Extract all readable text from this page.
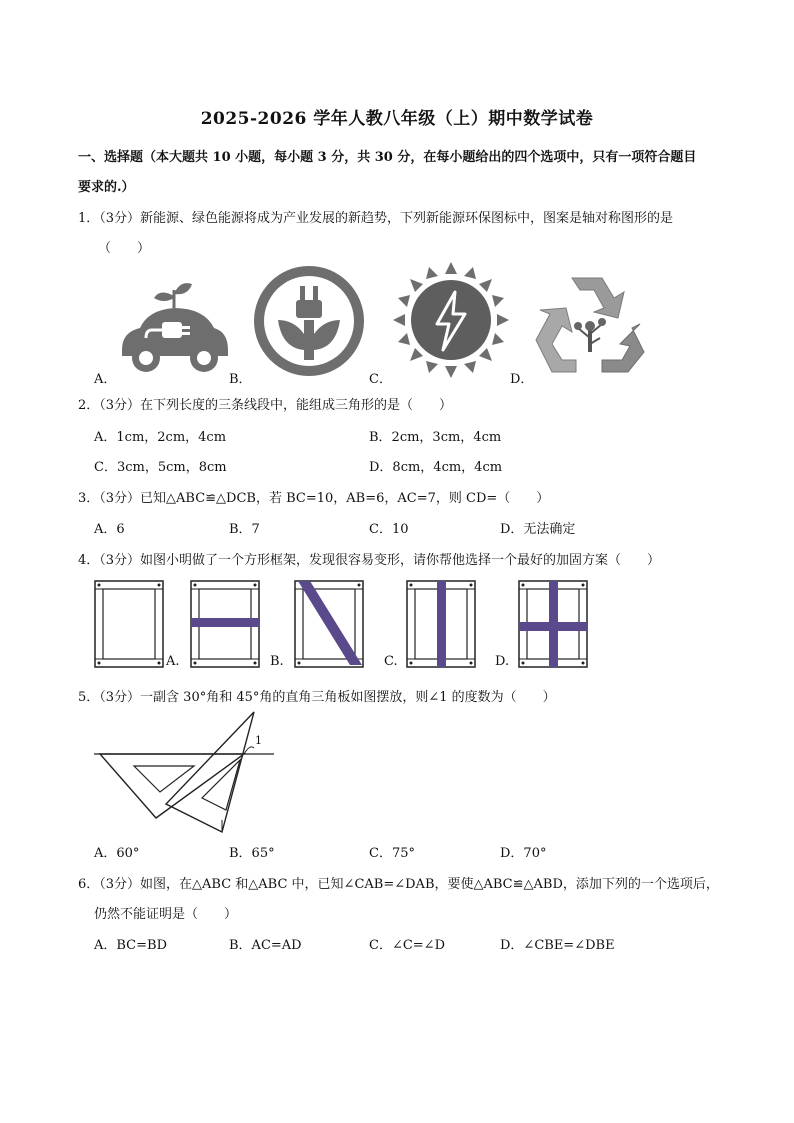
2025-2026 学年人教八年级（上）期中数学试卷
一、选择题（本大题共 10 小题，每小题 3 分，共 30 分，在每小题给出的四个选项中，只有一项符合题目
要求的.）
1．（3分）新能源、绿色能源将成为产业发展的新趋势，下列新能源环保图标中，图案是轴对称图形的是
（　　）
A．	B．	C．	D．
2．（3分）在下列长度的三条线段中，能组成三角形的是（　　）
A．1cm，2cm，4cm	B．2cm，3cm，4cm
C．3cm，5cm，8cm	D．8cm，4cm，4cm
3．（3分）已知△ABC≌△DCB，若 BC=10，AB=6，AC=7，则 CD=（　　）
A．6	B．7	C．10	D．无法确定
4．（3分）如图小明做了一个方形框架，发现很容易变形，请你帮他选择一个最好的加固方案（　　）
A.	B.	C.	D.
5．（3分）一副含 30°角和 45°角的直角三角板如图摆放，则∠1 的度数为（　　）
1
A．60°	B．65°	C．75°	D．70°
6．（3分）如图，在△ABC 和△ABC 中，已知∠CAB=∠DAB，要使△ABC≌△ABD，添加下列的一个选项后，
仍然不能证明是（　　）
A．BC=BD	B．AC=AD	C．∠C=∠D	D．∠CBE=∠DBE
